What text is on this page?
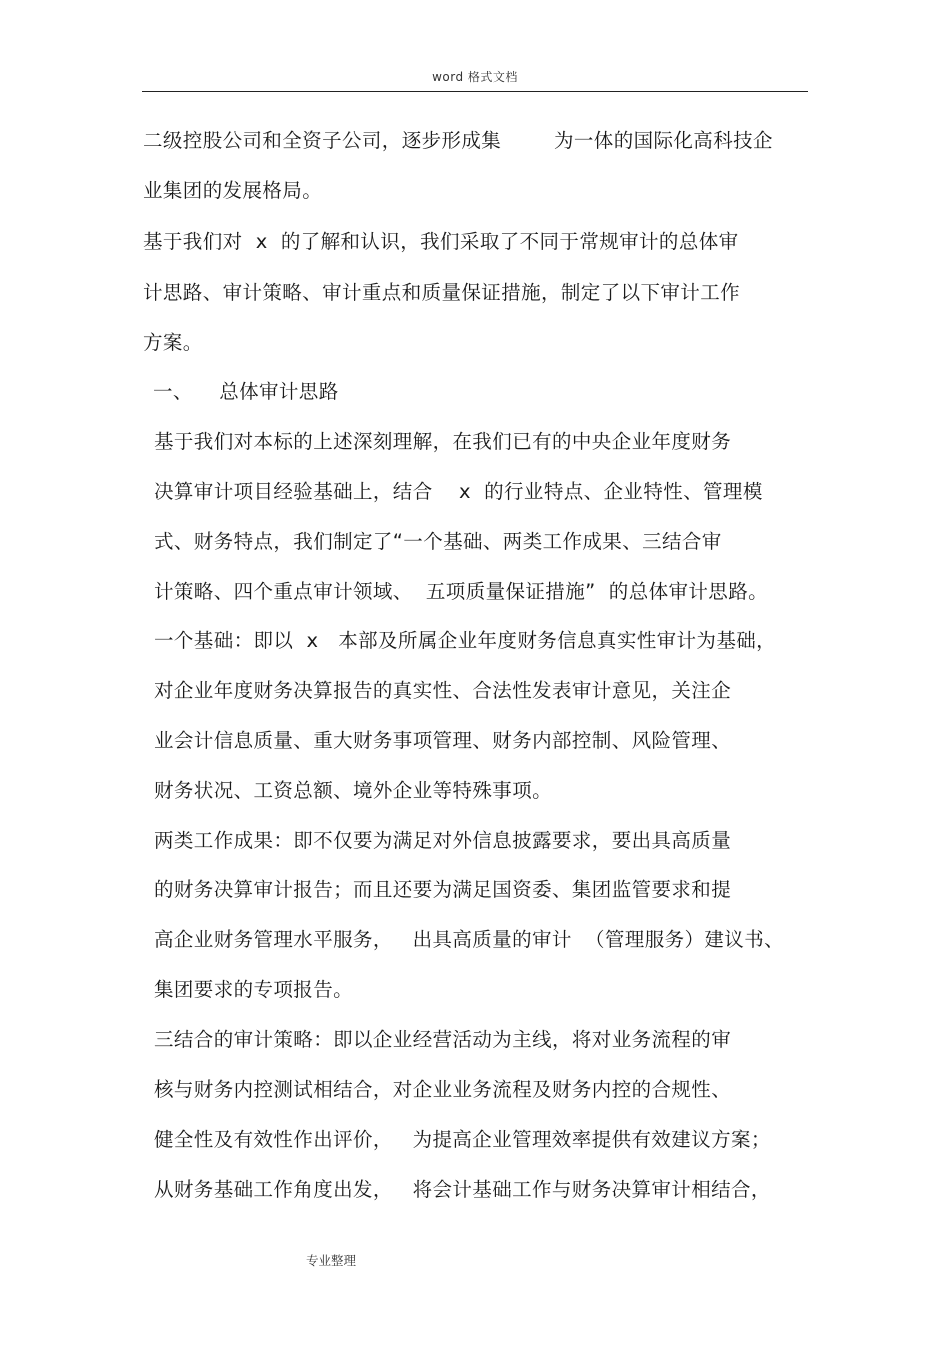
word 格式文档
二级控股公司和全资子公司，逐步形成集        为一体的国际化高科技企
业集团的发展格局。
基于我们对  x  的了解和认识，我们采取了不同于常规审计的总体审
计思路、审计策略、审计重点和质量保证措施，制定了以下审计工作
方案。
一、    总体审计思路
基于我们对本标的上述深刻理解，在我们已有的中央企业年度财务
决算审计项目经验基础上，结合    x  的行业特点、企业特性、管理模
式、财务特点，我们制定了“一个基础、两类工作成果、三结合审
计策略、四个重点审计领域、  五项质量保证措施”  的总体审计思路。
一个基础：即以  x   本部及所属企业年度财务信息真实性审计为基础，
对企业年度财务决算报告的真实性、合法性发表审计意见，关注企
业会计信息质量、重大财务事项管理、财务内部控制、风险管理、
财务状况、工资总额、境外企业等特殊事项。
两类工作成果：即不仅要为满足对外信息披露要求，要出具高质量
的财务决算审计报告；而且还要为满足国资委、集团监管要求和提
高企业财务管理水平服务，   出具高质量的审计  （管理服务）建议书、
集团要求的专项报告。
三结合的审计策略：即以企业经营活动为主线，将对业务流程的审
核与财务内控测试相结合，对企业业务流程及财务内控的合规性、
健全性及有效性作出评价，   为提高企业管理效率提供有效建议方案；
从财务基础工作角度出发，   将会计基础工作与财务决算审计相结合，
专业整理
